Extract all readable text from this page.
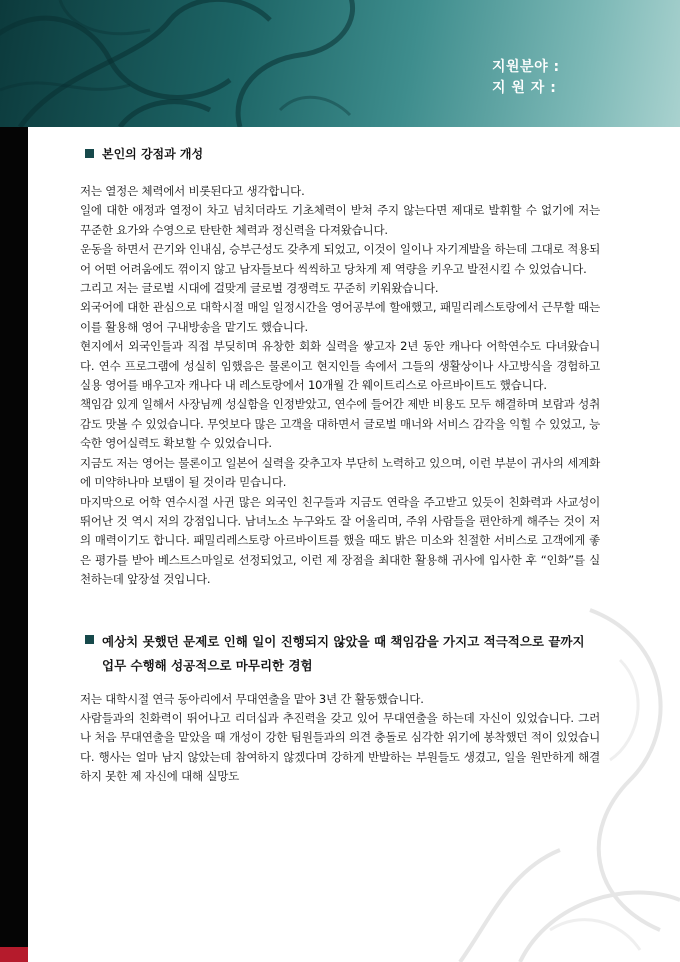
지원분야 :
지 원 자 :
본인의 강점과 개성

저는 열정은 체력에서 비롯된다고 생각합니다.

일에 대한 애정과 열정이 차고 넘치더라도 기초체력이 받쳐 주지 않는다면 제대로 발휘할 수 없기에 저는 꾸준한 요가와 수영으로 탄탄한 체력과 정신력을 다져왔습니다.

운동을 하면서 끈기와 인내심, 승부근성도 갖추게 되었고, 이것이 일이나 자기계발을 하는데 그대로 적용되어 어떤 어려움에도 꺾이지 않고 남자들보다 씩씩하고 당차게 제 역량을 키우고 발전시킬 수 있었습니다.

그리고 저는 글로벌 시대에 걸맞게 글로벌 경쟁력도 꾸준히 키워왔습니다.

외국어에 대한 관심으로 대학시절 매일 일정시간을 영어공부에 할애했고, 패밀리레스토랑에서 근무할 때는 이를 활용해 영어 구내방송을 맡기도 했습니다.

현지에서 외국인들과 직접 부딪히며 유창한 회화 실력을 쌓고자 2년 동안 캐나다 어학연수도 다녀왔습니다. 연수 프로그램에 성실히 임했음은 물론이고 현지인들 속에서 그들의 생활상이나 사고방식을 경험하고 실용 영어를 배우고자 캐나다 내 레스토랑에서 10개월 간 웨이트리스로 아르바이트도 했습니다.

책임감 있게 일해서 사장님께 성실함을 인정받았고, 연수에 들어간 제반 비용도 모두 해결하며 보람과 성취감도 맛볼 수 있었습니다. 무엇보다 많은 고객을 대하면서 글로벌 매너와 서비스 감각을 익힐 수 있었고, 능숙한 영어실력도 확보할 수 있었습니다.

지금도 저는 영어는 물론이고 일본어 실력을 갖추고자 부단히 노력하고 있으며, 이런 부분이 귀사의 세계화에 미약하나마 보탬이 될 것이라 믿습니다.

마지막으로 어학 연수시절 사귄 많은 외국인 친구들과 지금도 연락을 주고받고 있듯이 친화력과 사교성이 뛰어난 것 역시 저의 강점입니다. 남녀노소 누구와도 잘 어울리며, 주위 사람들을 편안하게 해주는 것이 저의 매력이기도 합니다. 패밀리레스토랑 아르바이트를 했을 때도 밝은 미소와 친절한 서비스로 고객에게 좋은 평가를 받아 베스트스마일로 선정되었고, 이런 제 장점을 최대한 활용해 귀사에 입사한 후 “인화”를 실천하는데 앞장설 것입니다.

예상치 못했던 문제로 인해 일이 진행되지 않았을 때 책임감을 가지고 적극적으로 끝까지 업무 수행해 성공적으로 마무리한 경험

저는 대학시절 연극 동아리에서 무대연출을 맡아 3년 간 활동했습니다.

사람들과의 친화력이 뛰어나고 리더십과 추진력을 갖고 있어 무대연출을 하는데 자신이 있었습니다. 그러나 처음 무대연출을 맡았을 때 개성이 강한 팀원들과의 의견 충돌로 심각한 위기에 봉착했던 적이 있었습니다. 행사는 얼마 남지 않았는데 참여하지 않겠다며 강하게 반발하는 부원들도 생겼고, 일을 원만하게 해결하지 못한 제 자신에 대해 실망도
